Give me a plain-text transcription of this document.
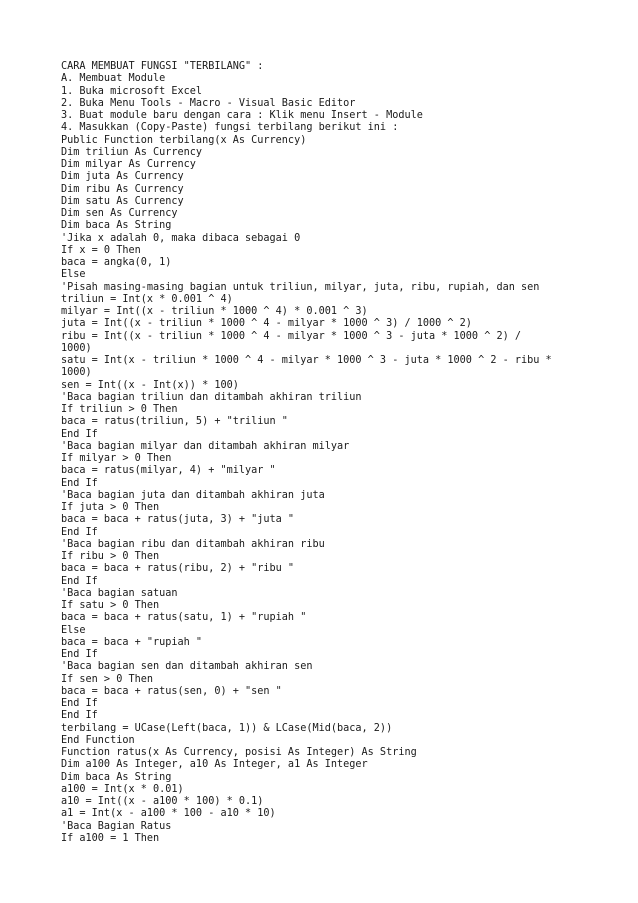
CARA MEMBUAT FUNGSI "TERBILANG" :
A. Membuat Module
1. Buka microsoft Excel
2. Buka Menu Tools - Macro - Visual Basic Editor
3. Buat module baru dengan cara : Klik menu Insert - Module
4. Masukkan (Copy-Paste) fungsi terbilang berikut ini :
Public Function terbilang(x As Currency)
Dim triliun As Currency
Dim milyar As Currency
Dim juta As Currency
Dim ribu As Currency
Dim satu As Currency
Dim sen As Currency
Dim baca As String
'Jika x adalah 0, maka dibaca sebagai 0
If x = 0 Then
baca = angka(0, 1)
Else
'Pisah masing-masing bagian untuk triliun, milyar, juta, ribu, rupiah, dan sen
triliun = Int(x * 0.001 ^ 4)
milyar = Int((x - triliun * 1000 ^ 4) * 0.001 ^ 3)
juta = Int((x - triliun * 1000 ^ 4 - milyar * 1000 ^ 3) / 1000 ^ 2)
ribu = Int((x - triliun * 1000 ^ 4 - milyar * 1000 ^ 3 - juta * 1000 ^ 2) /
1000)
satu = Int(x - triliun * 1000 ^ 4 - milyar * 1000 ^ 3 - juta * 1000 ^ 2 - ribu *
1000)
sen = Int((x - Int(x)) * 100)
'Baca bagian triliun dan ditambah akhiran triliun
If triliun > 0 Then
baca = ratus(triliun, 5) + "triliun "
End If
'Baca bagian milyar dan ditambah akhiran milyar
If milyar > 0 Then
baca = ratus(milyar, 4) + "milyar "
End If
'Baca bagian juta dan ditambah akhiran juta
If juta > 0 Then
baca = baca + ratus(juta, 3) + "juta "
End If
'Baca bagian ribu dan ditambah akhiran ribu
If ribu > 0 Then
baca = baca + ratus(ribu, 2) + "ribu "
End If
'Baca bagian satuan
If satu > 0 Then
baca = baca + ratus(satu, 1) + "rupiah "
Else
baca = baca + "rupiah "
End If
'Baca bagian sen dan ditambah akhiran sen
If sen > 0 Then
baca = baca + ratus(sen, 0) + "sen "
End If
End If
terbilang = UCase(Left(baca, 1)) & LCase(Mid(baca, 2))
End Function
Function ratus(x As Currency, posisi As Integer) As String
Dim a100 As Integer, a10 As Integer, a1 As Integer
Dim baca As String
a100 = Int(x * 0.01)
a10 = Int((x - a100 * 100) * 0.1)
a1 = Int(x - a100 * 100 - a10 * 10)
'Baca Bagian Ratus
If a100 = 1 Then
